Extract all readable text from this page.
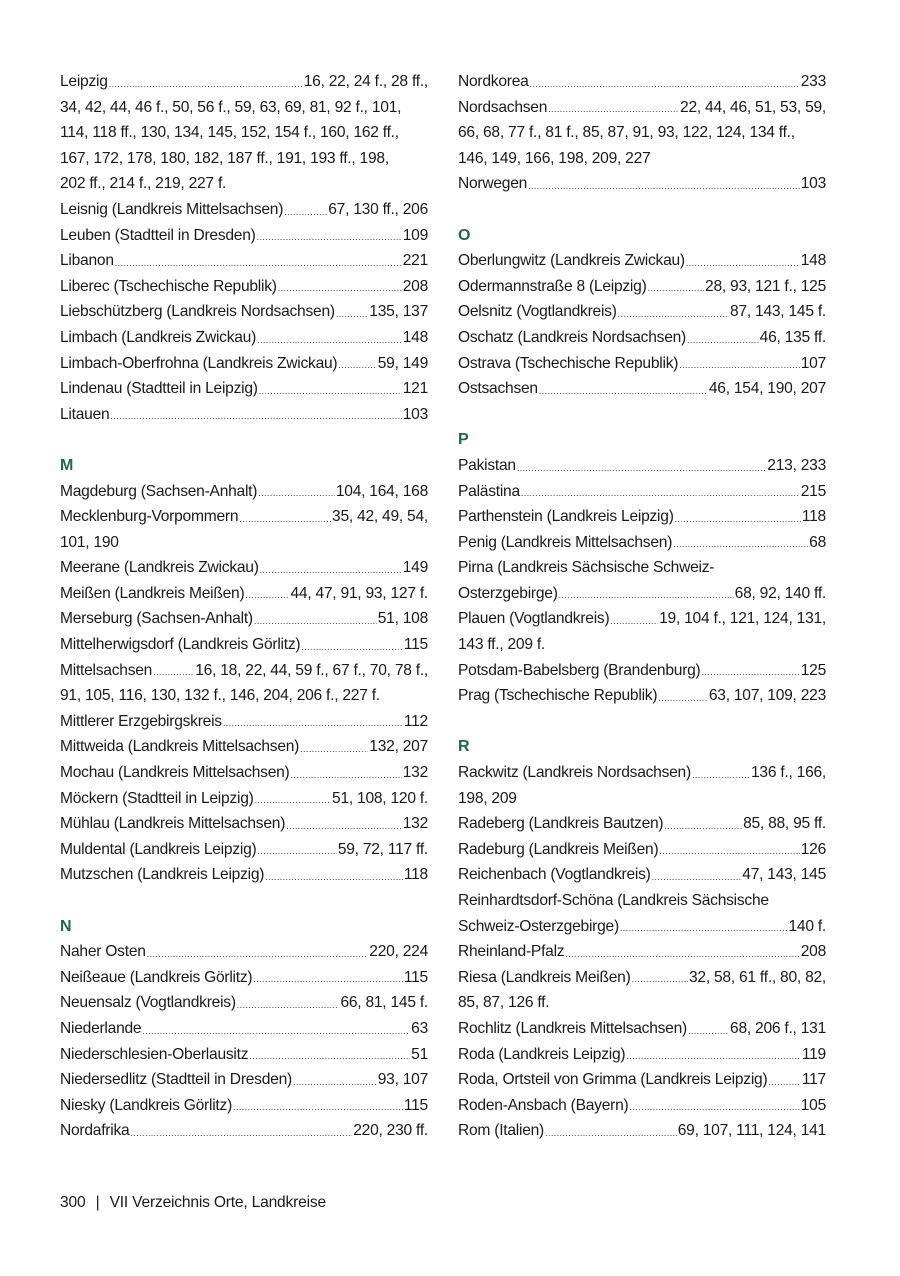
Leipzig .....	16, 22, 24 f., 28 ff.,
34, 42, 44, 46 f., 50, 56 f., 59, 63, 69, 81, 92 f., 101,
114, 118 ff., 130, 134, 145, 152, 154 f., 160, 162 ff.,
167, 172, 178, 180, 182, 187 ff., 191, 193 ff., 198,
202 ff., 214 f., 219, 227 f.
Leisnig (Landkreis Mittelsachsen) .....	67, 130 ff., 206
Leuben (Stadtteil in Dresden) .....	109
Libanon .....	221
Liberec (Tschechische Republik) .....	208
Liebschützberg (Landkreis Nordsachsen) ..... 135, 137
Limbach (Landkreis Zwickau) .....	148
Limbach-Oberfrohna (Landkreis Zwickau) .....	59, 149
Lindenau (Stadtteil in Leipzig) .....	121
Litauen .....	103
M
Magdeburg (Sachsen-Anhalt) .....	104, 164, 168
Mecklenburg-Vorpommern .....	35, 42, 49, 54,
101, 190
Meerane (Landkreis Zwickau) .....	149
Meißen (Landkreis Meißen) .....	44, 47, 91, 93, 127 f.
Merseburg (Sachsen-Anhalt) .....	51, 108
Mittelherwigsdorf (Landkreis Görlitz) .....	115
Mittelsachsen .....	16, 18, 22, 44, 59 f., 67 f., 70, 78 f.,
91, 105, 116, 130, 132 f., 146, 204, 206 f., 227 f.
Mittlerer Erzgebirgskreis .....	112
Mittweida (Landkreis Mittelsachsen) .....	132, 207
Mochau (Landkreis Mittelsachsen) .....	132
Möckern (Stadtteil in Leipzig) .....	51, 108, 120 f.
Mühlau (Landkreis Mittelsachsen) .....	132
Muldental (Landkreis Leipzig) .....	59, 72, 117 ff.
Mutzschen (Landkreis Leipzig) .....	118
N
Naher Osten .....	220, 224
Neißeaue (Landkreis Görlitz) .....	115
Neuensalz (Vogtlandkreis) .....	66, 81, 145 f.
Niederlande .....	63
Niederschlesien-Oberlausitz .....	51
Niedersedlitz (Stadtteil in Dresden) .....	93, 107
Niesky (Landkreis Görlitz) .....	115
Nordafrika .....	220, 230 ff.
Nordkorea .....	233
Nordsachsen .....	22, 44, 46, 51, 53, 59,
66, 68, 77 f., 81 f., 85, 87, 91, 93, 122, 124, 134 ff.,
146, 149, 166, 198, 209, 227
Norwegen .....	103
O
Oberlungwitz (Landkreis Zwickau) .....	148
Odermannstraße 8 (Leipzig) .....	28, 93, 121 f., 125
Oelsnitz (Vogtlandkreis) .....	87, 143, 145 f.
Oschatz (Landkreis Nordsachsen) .....	46, 135 ff.
Ostrava (Tschechische Republik) .....	107
Ostsachsen .....	46, 154, 190, 207
P
Pakistan .....	213, 233
Palästina .....	215
Parthenstein (Landkreis Leipzig) .....	118
Penig (Landkreis Mittelsachsen) .....	68
Pirna (Landkreis Sächsische Schweiz-
Osterzgebirge) .....	68, 92, 140 ff.
Plauen (Vogtlandkreis) .....	19, 104 f., 121, 124, 131,
143 ff., 209 f.
Potsdam-Babelsberg (Brandenburg) .....	125
Prag (Tschechische Republik) .....	63, 107, 109, 223
R
Rackwitz (Landkreis Nordsachsen) .....	136 f., 166,
198, 209
Radeberg (Landkreis Bautzen) .....	85, 88, 95 ff.
Radeburg (Landkreis Meißen) .....	126
Reichenbach (Vogtlandkreis) .....	47, 143, 145
Reinhardtsdorf-Schöna (Landkreis Sächsische
Schweiz-Osterzgebirge) .....	140 f.
Rheinland-Pfalz .....	208
Riesa (Landkreis Meißen) .....	32, 58, 61 ff., 80, 82,
85, 87, 126 ff.
Rochlitz (Landkreis Mittelsachsen) .....	68, 206 f., 131
Roda (Landkreis Leipzig) .....	119
Roda, Ortsteil von Grimma (Landkreis Leipzig) ..... 117
Roden-Ansbach (Bayern) .....	105
Rom (Italien) .....	69, 107, 111, 124, 141
300 | VII Verzeichnis Orte, Landkreise
